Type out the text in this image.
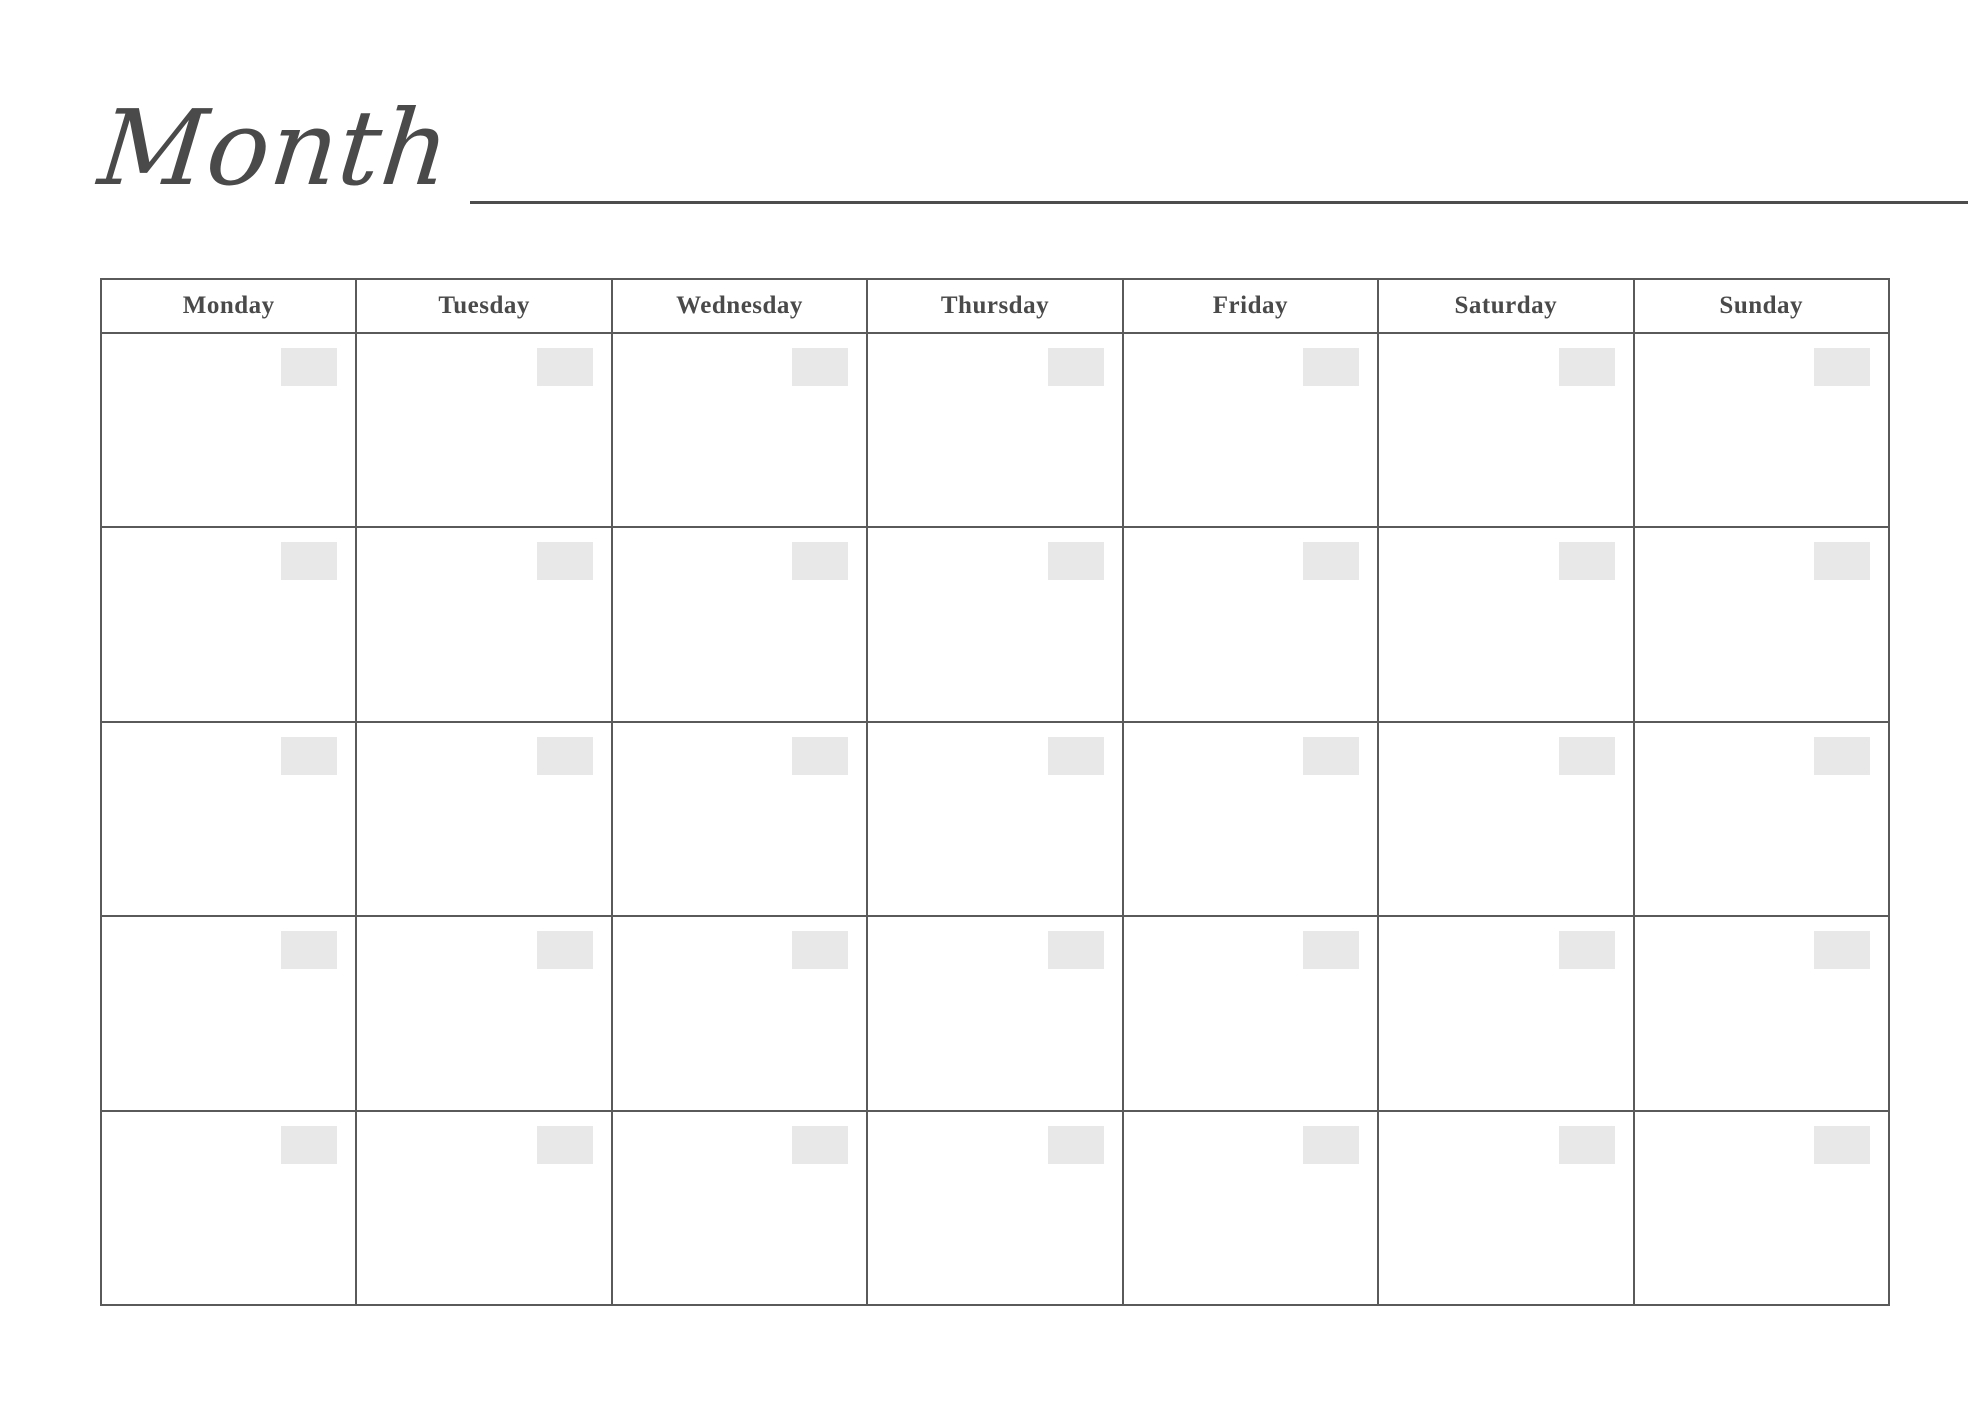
Month
Monday	Tuesday	Wednesday	Thursday	Friday	Saturday	Sunday
